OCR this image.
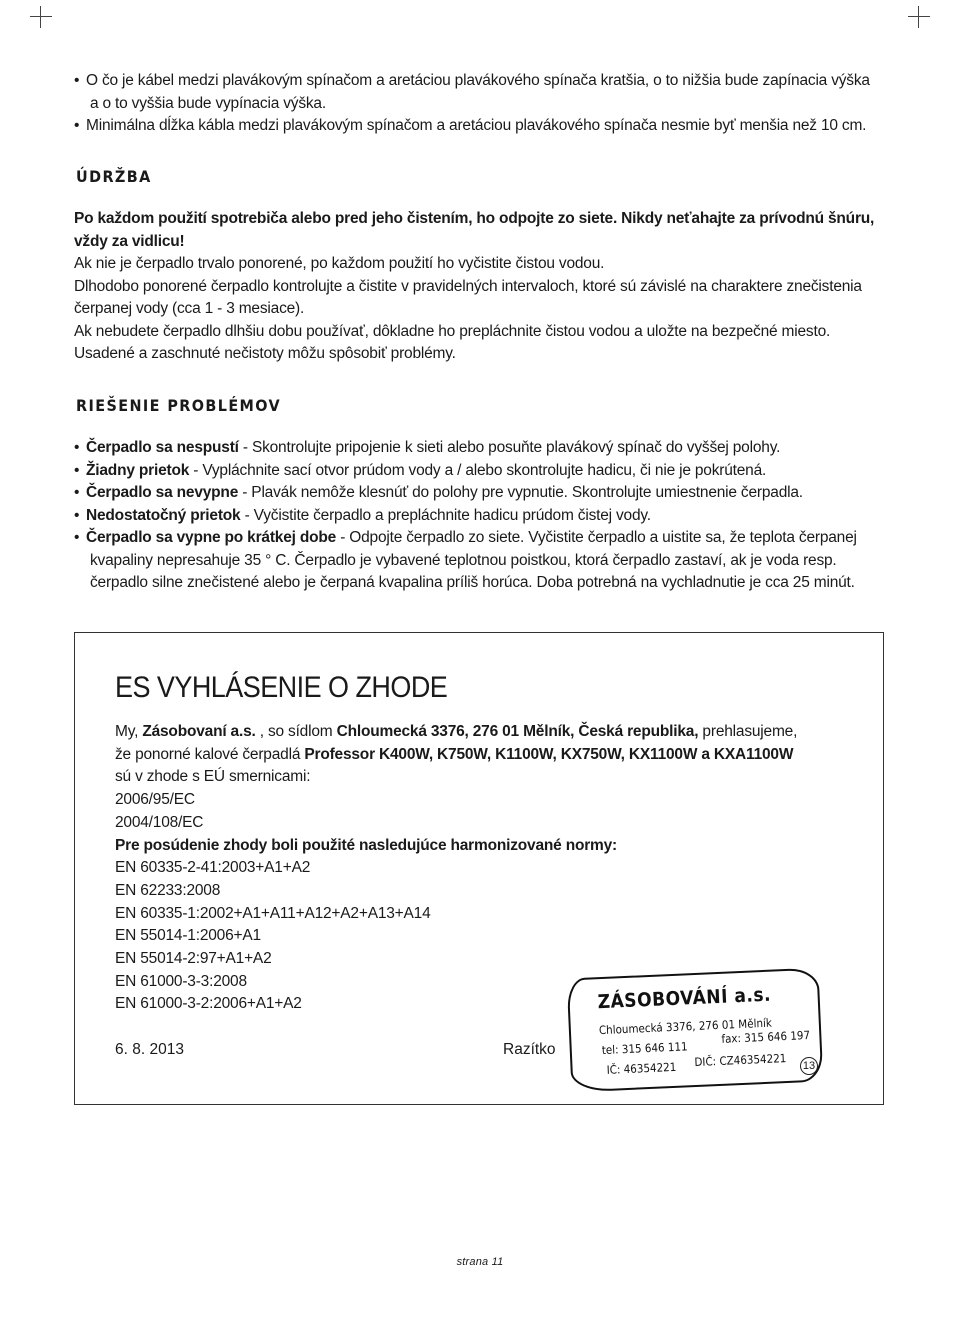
• O čo je kábel medzi plavákovým spínačom a aretáciou plavákového spínača kratšia, o to nižšia bude zapínacia výška
a o to vyššia bude vypínacia výška.
• Minimálna dĺžka kábla medzi plavákovým spínačom a aretáciou plavákového spínača nesmie byť menšia než 10 cm.
ÚDRŽBA

Po každom použití spotrebiča alebo pred jeho čistením, ho odpojte zo siete. Nikdy neťahajte za prívodnú šnúru, vždy za vidlicu!

Ak nie je čerpadlo trvalo ponorené, po každom použití ho vyčistite čistou vodou.

Dlhodobo ponorené čerpadlo kontrolujte a čistite v pravidelných intervaloch, ktoré sú závislé na charaktere znečistenia čerpanej vody (cca 1 - 3 mesiace).

Ak nebudete čerpadlo dlhšiu dobu používať, dôkladne ho prepláchnite čistou vodou a uložte na bezpečné miesto.

Usadené a zaschnuté nečistoty môžu spôsobiť problémy.

RIEŠENIE PROBLÉMOV
• Čerpadlo sa nespustí - Skontrolujte pripojenie k sieti alebo posuňte plavákový spínač do vyššej polohy.
• Žiadny prietok - Vypláchnite sací otvor prúdom vody a / alebo skontrolujte hadicu, či nie je pokrútená.
• Čerpadlo sa nevypne - Plavák nemôže klesnúť do polohy pre vypnutie. Skontrolujte umiestnenie čerpadla.
• Nedostatočný prietok - Vyčistite čerpadlo a prepláchnite hadicu prúdom čistej vody.
• Čerpadlo sa vypne po krátkej dobe - Odpojte čerpadlo zo siete. Vyčistite čerpadlo a uistite sa, že teplota čerpanej
kvapaliny nepresahuje 35 ° C. Čerpadlo je vybavené teplotnou poistkou, ktorá čerpadlo zastaví, ak je voda resp.
čerpadlo silne znečistené alebo je čerpaná kvapalina príliš horúca. Doba potrebná na vychladnutie je cca 25 minút.
ES VYHLÁSENIE O ZHODE
My, Zásobovaní a.s. , so sídlom Chloumecká 3376, 276 01 Mělník, Česká republika, prehlasujeme,
že ponorné kalové čerpadlá Professor K400W, K750W, K1100W, KX750W, KX1100W a KXA1100W
sú v zhode s EÚ smernicami:
2006/95/EC
2004/108/EC
Pre posúdenie zhody boli použité nasledujúce harmonizované normy:
EN 60335-2-41:2003+A1+A2
EN 62233:2008
EN 60335-1:2002+A1+A11+A12+A2+A13+A14
EN 55014-1:2006+A1
EN 55014-2:97+A1+A2
EN 61000-3-3:2008
EN 61000-3-2:2006+A1+A2
6. 8. 2013	Razítko
ZÁSOBOVÁNÍ a.s.
Chloumecká 3376, 276 01 Mělník
tel: 315 646 111
fax: 315 646 197
IČ: 46354221 DIČ: CZ46354221 13
strana 11
